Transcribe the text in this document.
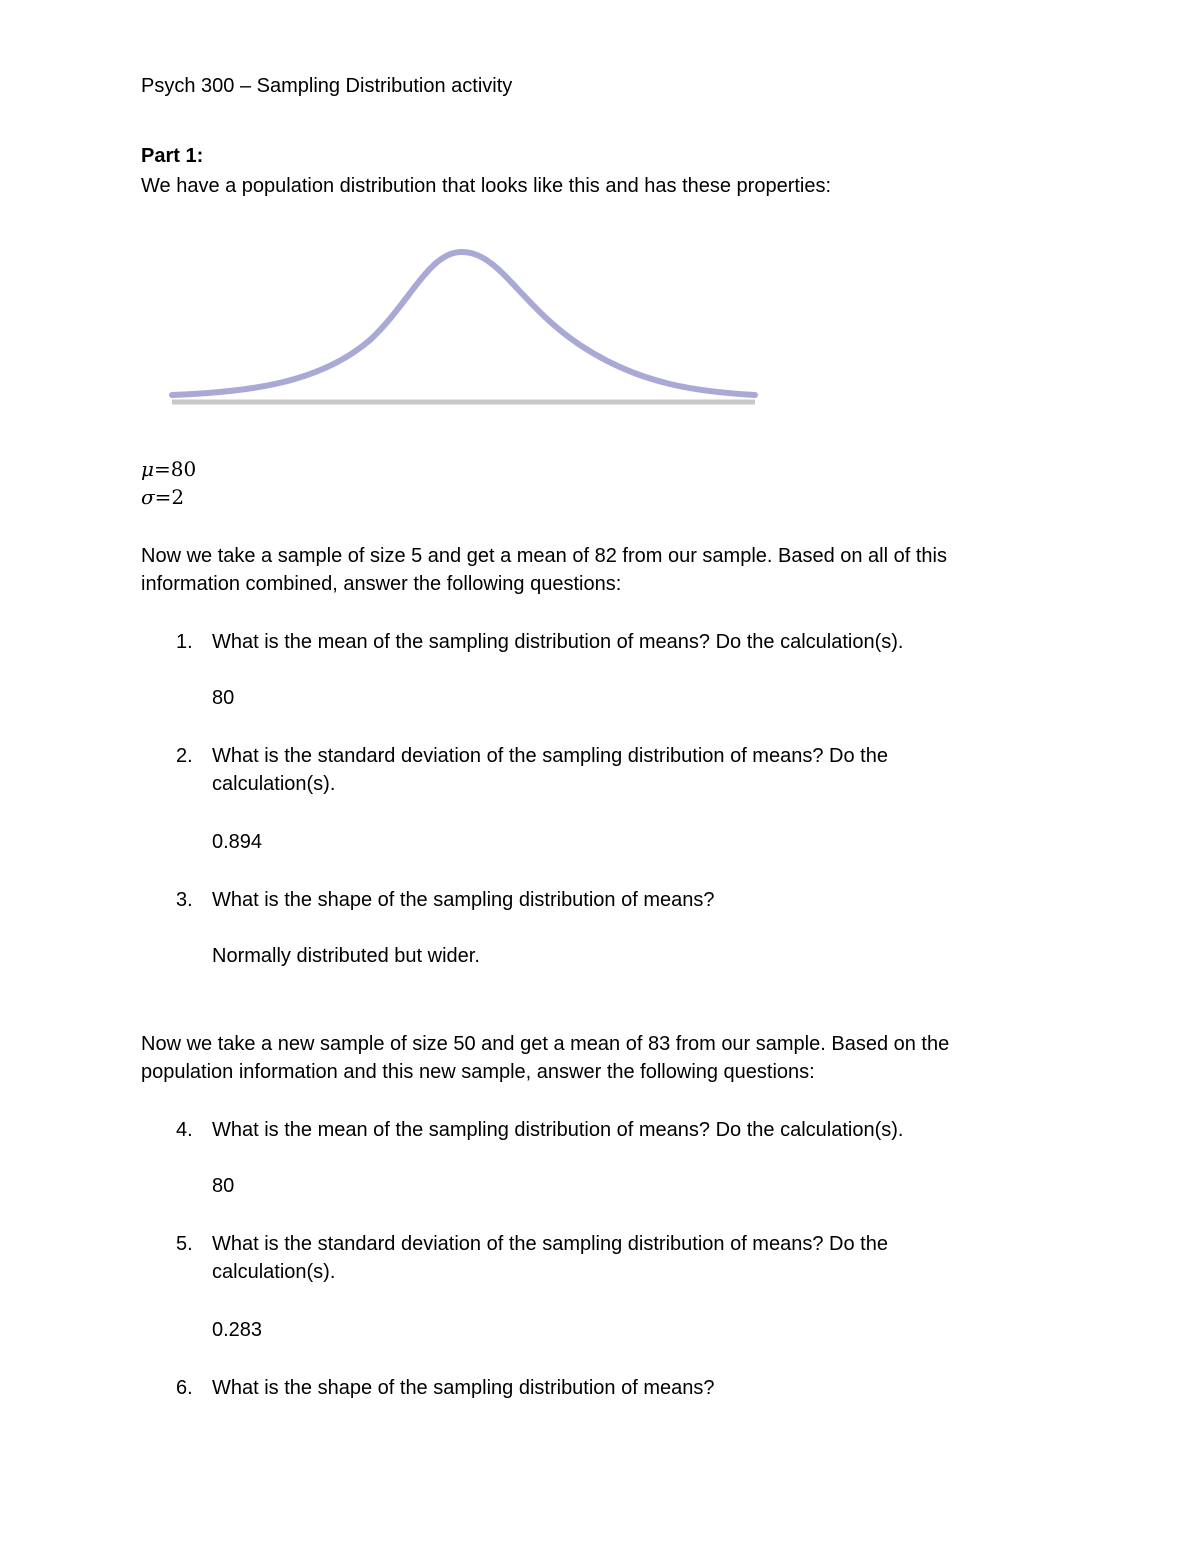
Psych 300 – Sampling Distribution activity
Part 1:
We have a population distribution that looks like this and has these properties:
μ=80
σ=2
Now we take a sample of size 5 and get a mean of 82 from our sample. Based on all of this
information combined, answer the following questions:
1. What is the mean of the sampling distribution of means? Do the calculation(s).
80
2. What is the standard deviation of the sampling distribution of means? Do the
calculation(s).
0.894
3. What is the shape of the sampling distribution of means?
Normally distributed but wider.
Now we take a new sample of size 50 and get a mean of 83 from our sample. Based on the
population information and this new sample, answer the following questions:
4. What is the mean of the sampling distribution of means? Do the calculation(s).
80
5. What is the standard deviation of the sampling distribution of means? Do the
calculation(s).
0.283
6. What is the shape of the sampling distribution of means?
